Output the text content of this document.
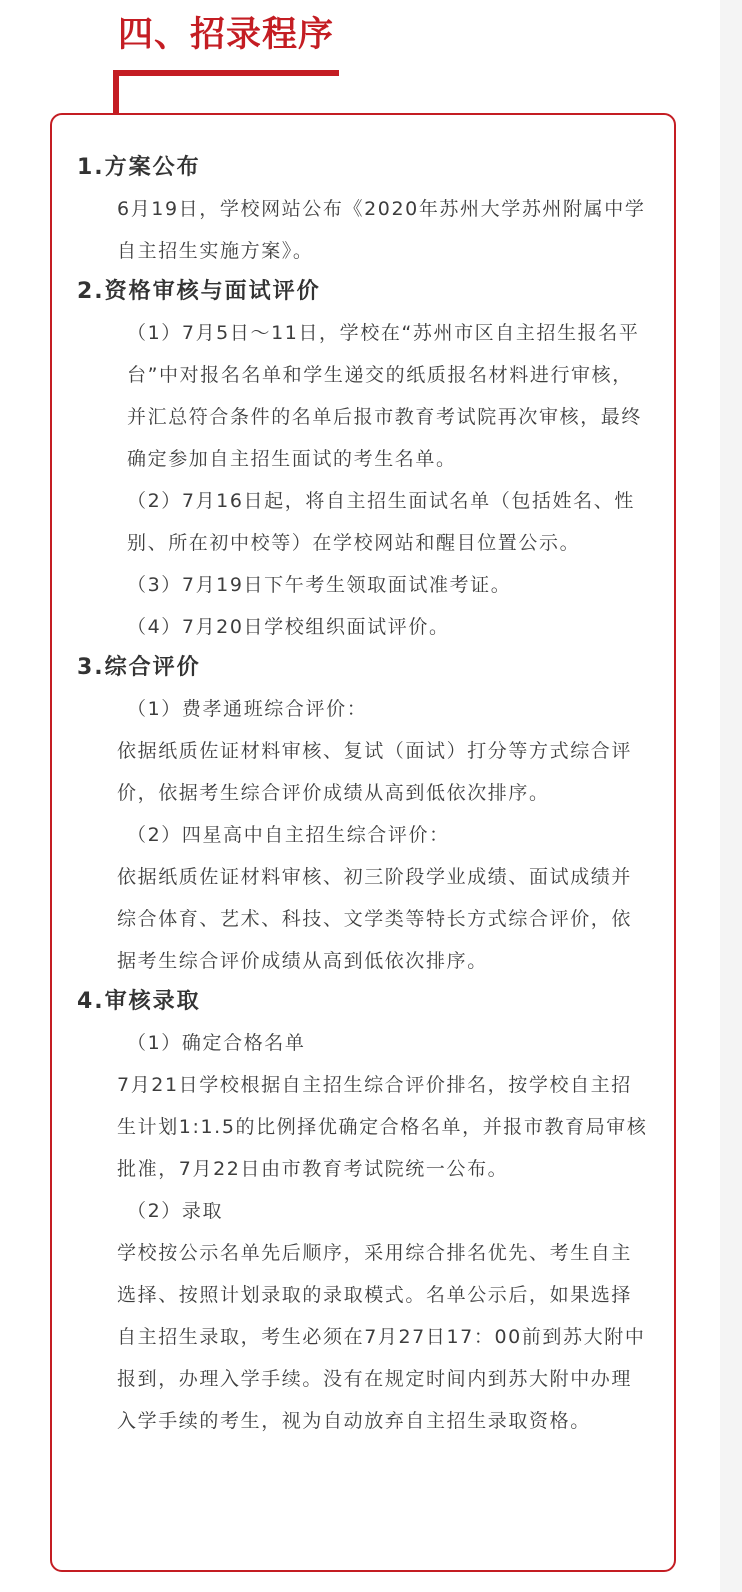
四、招录程序
1.方案公布

6月19日，学校网站公布《2020年苏州大学苏州附属中学自主招生实施方案》。

2.资格审核与面试评价

（1）7月5日～11日，学校在“苏州市区自主招生报名平台”中对报名名单和学生递交的纸质报名材料进行审核，并汇总符合条件的名单后报市教育考试院再次审核，最终确定参加自主招生面试的考生名单。

（2）7月16日起，将自主招生面试名单（包括姓名、性别、所在初中校等）在学校网站和醒目位置公示。

（3）7月19日下午考生领取面试准考证。

（4）7月20日学校组织面试评价。

3.综合评价

（1）费孝通班综合评价：

依据纸质佐证材料审核、复试（面试）打分等方式综合评价，依据考生综合评价成绩从高到低依次排序。

（2）四星高中自主招生综合评价：

依据纸质佐证材料审核、初三阶段学业成绩、面试成绩并综合体育、艺术、科技、文学类等特长方式综合评价，依据考生综合评价成绩从高到低依次排序。

4.审核录取

（1）确定合格名单

7月21日学校根据自主招生综合评价排名，按学校自主招生计划1:1.5的比例择优确定合格名单，并报市教育局审核批准，7月22日由市教育考试院统一公布。

（2）录取

学校按公示名单先后顺序，采用综合排名优先、考生自主选择、按照计划录取的录取模式。名单公示后，如果选择自主招生录取，考生必须在7月27日17：00前到苏大附中报到，办理入学手续。没有在规定时间内到苏大附中办理入学手续的考生，视为自动放弃自主招生录取资格。
